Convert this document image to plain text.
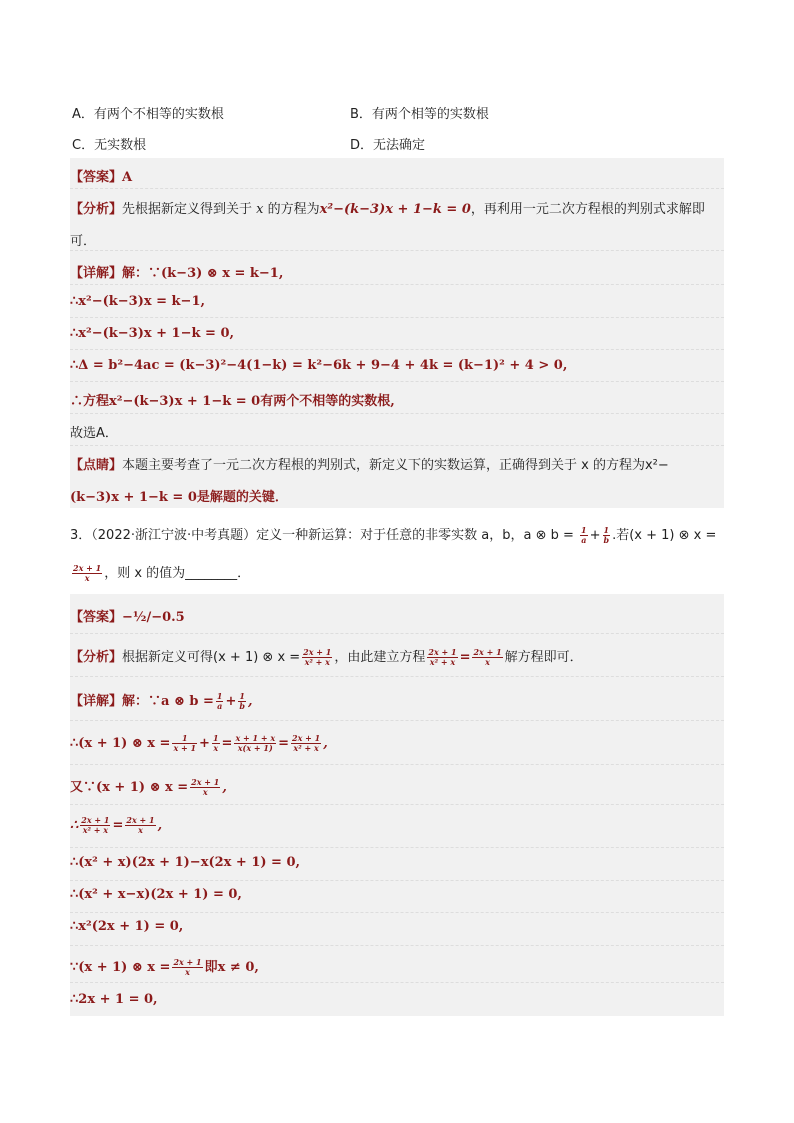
A．有两个不相等的实数根	B．有两个相等的实数根
C．无实数根	D．无法确定
【答案】A
【分析】先根据新定义得到关于 x 的方程为x²−(k−3)x + 1−k = 0，再利用一元二次方程根的判别式求解即
可．
【详解】解：∵(k−3) ⊗ x = k−1,
∴x²−(k−3)x = k−1,
∴x²−(k−3)x + 1−k = 0,
∴Δ = b²−4ac = (k−3)²−4(1−k) = k²−6k + 9−4 + 4k = (k−1)² + 4 > 0,
∴方程x²−(k−3)x + 1−k = 0有两个不相等的实数根,
故选A．
【点睛】本题主要考查了一元二次方程根的判别式，新定义下的实数运算，正确得到关于 x 的方程为x²−
(k−3)x + 1−k = 0是解题的关键．
3．（2022·浙江宁波·中考真题）定义一种新运算：对于任意的非零实数 a，b，a ⊗ $b = \frac{1}{a} + \frac{1}{b}$ .若(x + 1) ⊗ x =
$\frac{2x + 1}{x}$ ，则 x 的值为________．
【答案】−½/−0.5
【分析】根据新定义可得(x + 1) ⊗ $x = \frac{2x + 1}{\text{x² + x}}$ ，由此建立方程 $\frac{2x + 1}{\text{x² + x}} = \frac{2x + 1}{x}$ 解方程即可．
【详解】解：∵a ⊗ $b = \frac{1}{a} + \frac{1}{b}$ ,
∴(x + 1) ⊗ $x = \frac{1}{x + 1} + \frac{1}{x} = \frac{x + 1 + x}{x(x + 1)} = \frac{2x + 1}{\text{x² + x}}$ ,
又∵(x + 1) ⊗ $x = \frac{2x + 1}{x}$ ,
∴ $\frac{2x + 1}{\text{x² + x}} = \frac{2x + 1}{x}$ ,
∴(x² + x)(2x + 1)−x(2x + 1) = 0,
∴(x² + x−x)(2x + 1) = 0,
∴x²(2x + 1) = 0,
∵(x + 1) ⊗ $x = \frac{2x + 1}{x}$ 即x ≠ 0,
∴2x + 1 = 0,
